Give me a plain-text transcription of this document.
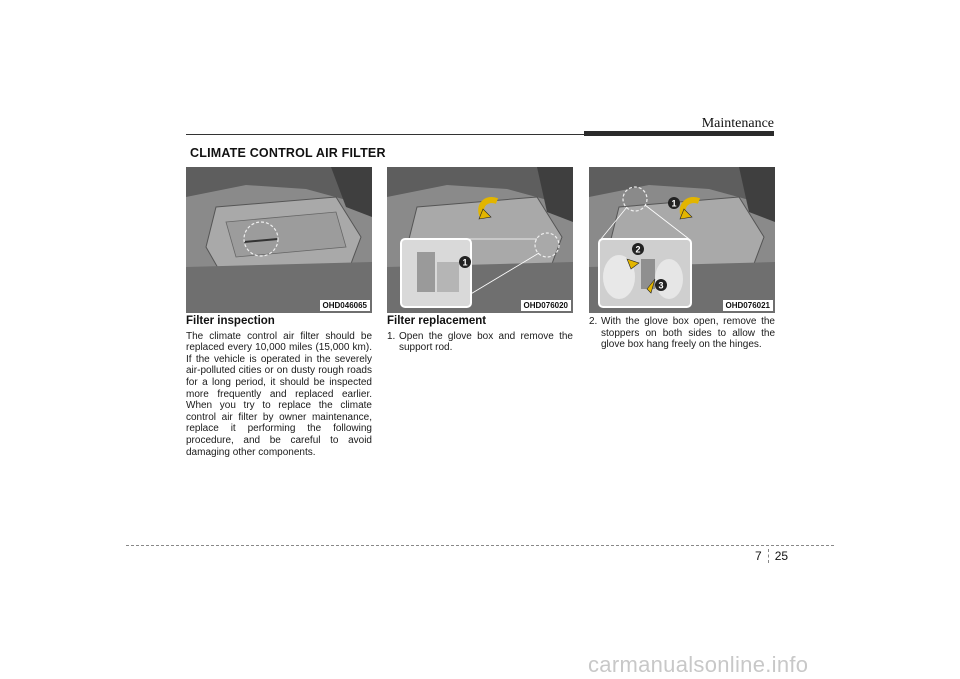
Maintenance
CLIMATE CONTROL AIR FILTER
OHD046065
1
OHD076020
1
2
3
OHD076021
Filter inspection

The climate control air filter should be replaced every 10,000 miles (15,000 km). If the vehicle is operated in the severely air-polluted cities or on dusty rough roads for a long period, it should be inspected more frequently and replaced earlier. When you try to replace the climate control air filter by owner maintenance, replace it performing the following procedure, and be careful to avoid damaging other components.

Filter replacement
1. Open the glove box and remove the support rod.
2. With the glove box open, remove the stoppers on both sides to allow the glove box hang freely on the hinges.
7 25
carmanualsonline.info
